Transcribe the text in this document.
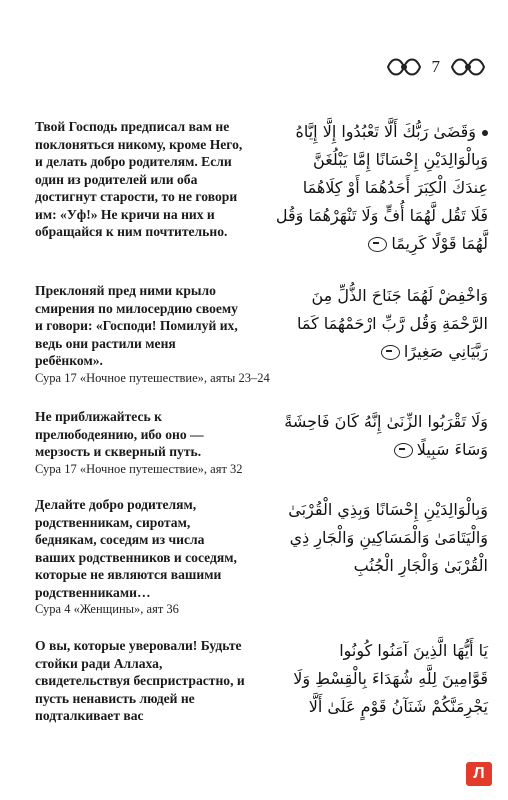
7

Твой Господь предписал вам не поклоняться никому, кроме Него, и делать добро родителям. Если один из родителей или оба достигнут старости, то не говори им: «Уф!» Не кричи на них и обращайся к ним почтительно.

وَقَضَىٰ رَبُّكَ أَلَّا تَعْبُدُوا إِلَّا إِيَّاهُ

وَبِالْوَالِدَيْنِ إِحْسَانًا إِمَّا يَبْلُغَنَّ

عِندَكَ الْكِبَرَ أَحَدُهُمَا أَوْ كِلَاهُمَا

فَلَا تَقُل لَّهُمَا أُفٍّ وَلَا تَنْهَرْهُمَا وَقُل

لَّهُمَا قَوْلًا كَرِيمًا

Преклоняй пред ними крыло смирения по милосердию своему и говори: «Господи! Помилуй их, ведь они растили меня ребёнком».

Сура 17 «Ночное путешествие», аяты 23–24

وَاخْفِضْ لَهُمَا جَنَاحَ الذُّلِّ مِنَ

الرَّحْمَةِ وَقُل رَّبِّ ارْحَمْهُمَا كَمَا

رَبَّيَانِي صَغِيرًا

Не приближайтесь к прелюбодеянию, ибо оно — мерзость и скверный путь.

Сура 17 «Ночное путешествие», аят 32

وَلَا تَقْرَبُوا الزِّنَىٰ إِنَّهُ كَانَ فَاحِشَةً

وَسَاءَ سَبِيلًا

Делайте добро родителям, родственникам, сиротам, беднякам, соседям из числа ваших родственников и соседям, которые не являются вашими родственниками…

Сура 4 «Женщины», аят 36

وَبِالْوَالِدَيْنِ إِحْسَانًا وَبِذِي الْقُرْبَىٰ

وَالْيَتَامَىٰ وَالْمَسَاكِينِ وَالْجَارِ ذِي

الْقُرْبَىٰ وَالْجَارِ الْجُنُبِ

О вы, которые уверовали! Будьте стойки ради Аллаха, свидетельствуя беспристрастно, и пусть ненависть людей не подталкивает вас

يَا أَيُّهَا الَّذِينَ آمَنُوا كُونُوا

قَوَّامِينَ لِلَّهِ شُهَدَاءَ بِالْقِسْطِ وَلَا

يَجْرِمَنَّكُمْ شَنَآنُ قَوْمٍ عَلَىٰ أَلَّا

Л
